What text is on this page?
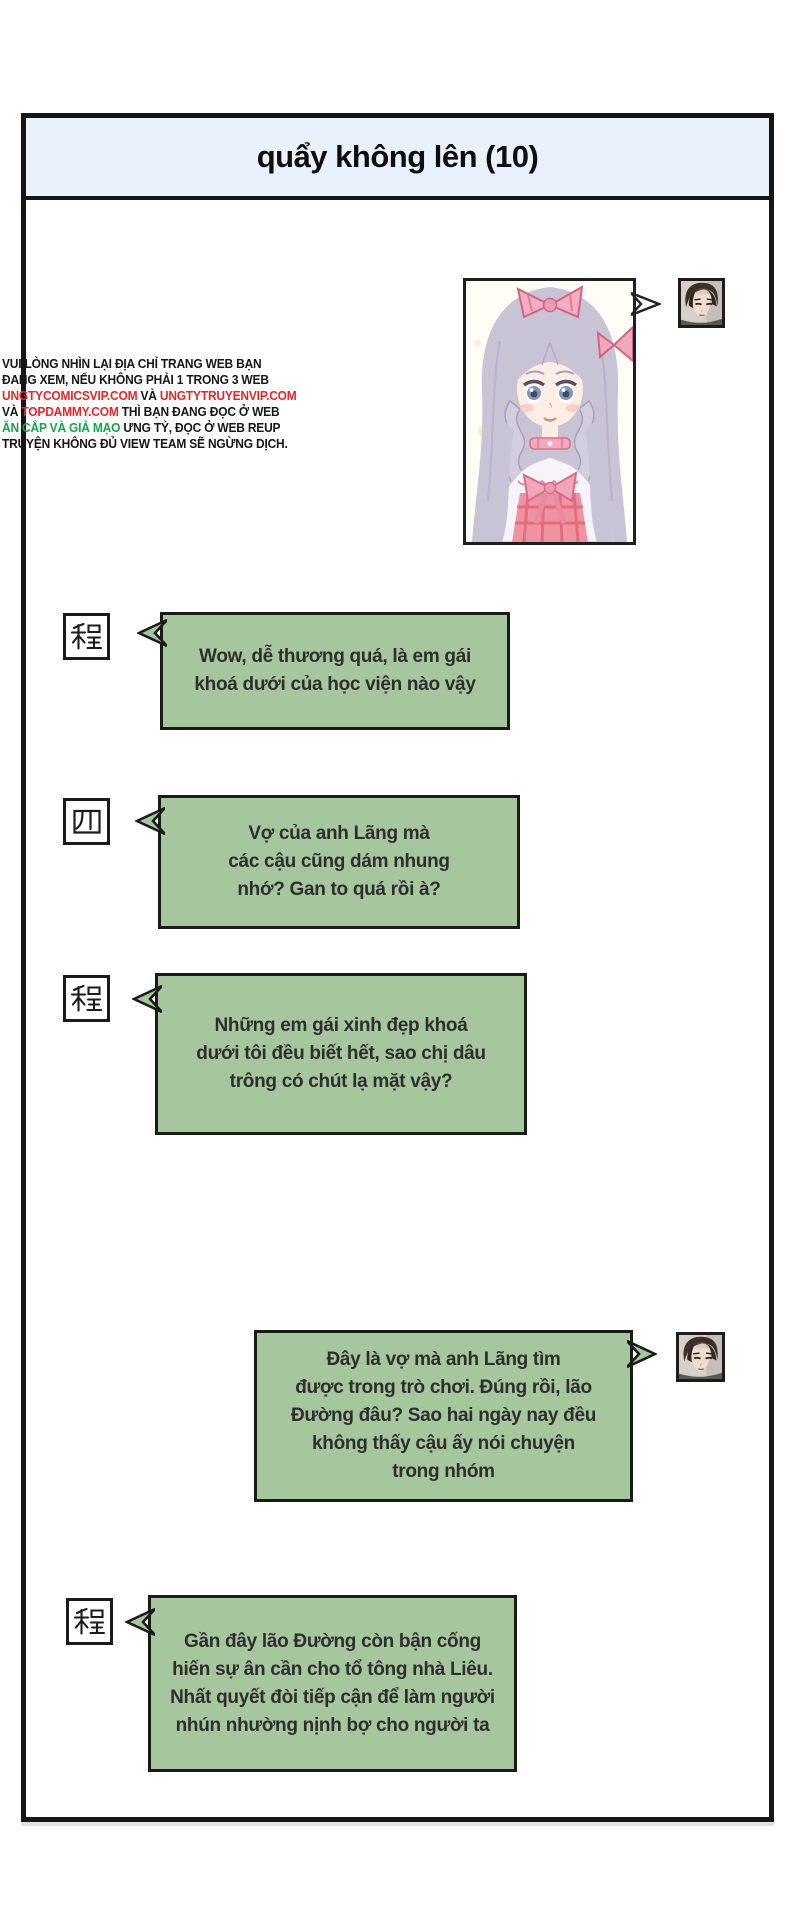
quẩy không lên (10)
VUI LÒNG NHÌN LẠI ĐỊA CHỈ TRANG WEB BẠN
ĐANG XEM, NẾU KHÔNG PHẢI 1 TRONG 3 WEB
UNGTYCOMICSVIP.COM VÀ UNGTYTRUYENVIP.COM
VÀ TOPDAMMY.COM THÌ BẠN ĐANG ĐỌC Ở WEB
ĂN CẮP VÀ GIẢ MẠO ƯNG TỶ, ĐỌC Ở WEB REUP
TRUYỆN KHÔNG ĐỦ VIEW TEAM SẼ NGỪNG DỊCH.
Wow, dễ thương quá, là em gái
khoá dưới của học viện nào vậy
Vợ của anh Lãng mà
các cậu cũng dám nhung
nhớ? Gan to quá rồi à?
Những em gái xinh đẹp khoá
dưới tôi đều biết hết, sao chị dâu
trông có chút lạ mặt vậy?
Đây là vợ mà anh Lãng tìm
được trong trò chơi. Đúng rồi, lão
Đường đâu? Sao hai ngày nay đều
không thấy cậu ấy nói chuyện
trong nhóm
Gần đây lão Đường còn bận cống
hiến sự ân cần cho tổ tông nhà Liêu.
Nhất quyết đòi tiếp cận để làm người
nhún nhường nịnh bợ cho người ta
